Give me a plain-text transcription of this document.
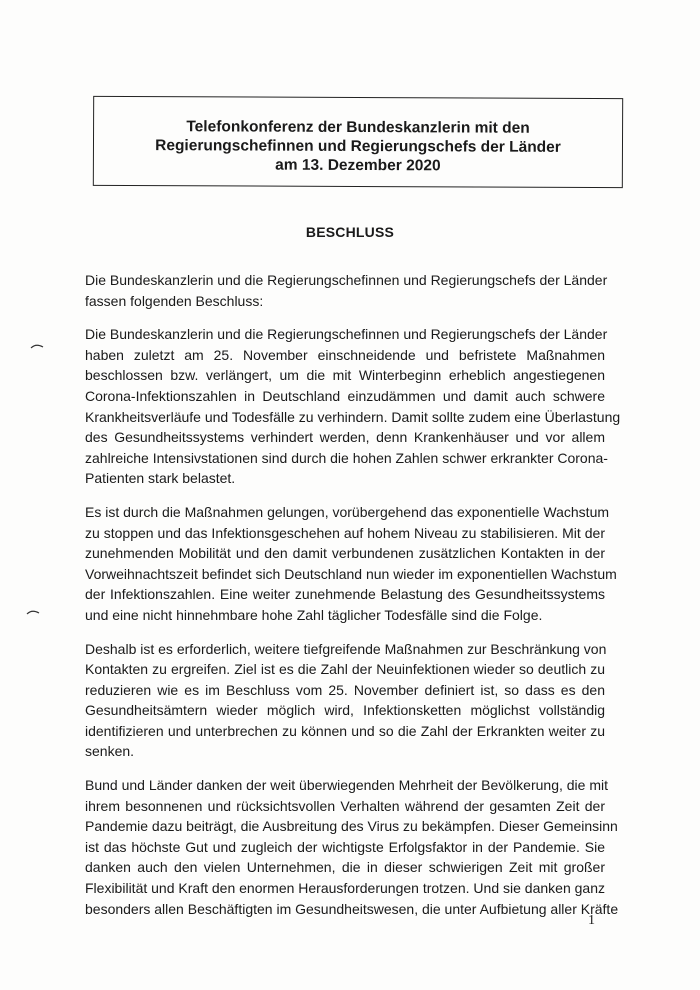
Telefonkonferenz der Bundeskanzlerin mit den
Regierungschefinnen und Regierungschefs der Länder
am 13. Dezember 2020
BESCHLUSS
Die Bundeskanzlerin und die Regierungschefinnen und Regierungschefs der Länder
fassen folgenden Beschluss:
Die Bundeskanzlerin und die Regierungschefinnen und Regierungschefs der Länder
haben zuletzt am 25. November einschneidende und befristete Maßnahmen
beschlossen bzw. verlängert, um die mit Winterbeginn erheblich angestiegenen
Corona-Infektionszahlen in Deutschland einzudämmen und damit auch schwere
Krankheitsverläufe und Todesfälle zu verhindern. Damit sollte zudem eine Überlastung
des Gesundheitssystems verhindert werden, denn Krankenhäuser und vor allem
zahlreiche Intensivstationen sind durch die hohen Zahlen schwer erkrankter Corona-
Patienten stark belastet.
Es ist durch die Maßnahmen gelungen, vorübergehend das exponentielle Wachstum
zu stoppen und das Infektionsgeschehen auf hohem Niveau zu stabilisieren. Mit der
zunehmenden Mobilität und den damit verbundenen zusätzlichen Kontakten in der
Vorweihnachtszeit befindet sich Deutschland nun wieder im exponentiellen Wachstum
der Infektionszahlen. Eine weiter zunehmende Belastung des Gesundheitssystems
und eine nicht hinnehmbare hohe Zahl täglicher Todesfälle sind die Folge.
Deshalb ist es erforderlich, weitere tiefgreifende Maßnahmen zur Beschränkung von
Kontakten zu ergreifen. Ziel ist es die Zahl der Neuinfektionen wieder so deutlich zu
reduzieren wie es im Beschluss vom 25. November definiert ist, so dass es den
Gesundheitsämtern wieder möglich wird, Infektionsketten möglichst vollständig
identifizieren und unterbrechen zu können und so die Zahl der Erkrankten weiter zu
senken.
Bund und Länder danken der weit überwiegenden Mehrheit der Bevölkerung, die mit
ihrem besonnenen und rücksichtsvollen Verhalten während der gesamten Zeit der
Pandemie dazu beiträgt, die Ausbreitung des Virus zu bekämpfen. Dieser Gemeinsinn
ist das höchste Gut und zugleich der wichtigste Erfolgsfaktor in der Pandemie. Sie
danken auch den vielen Unternehmen, die in dieser schwierigen Zeit mit großer
Flexibilität und Kraft den enormen Herausforderungen trotzen. Und sie danken ganz
besonders allen Beschäftigten im Gesundheitswesen, die unter Aufbietung aller Kräfte
1
